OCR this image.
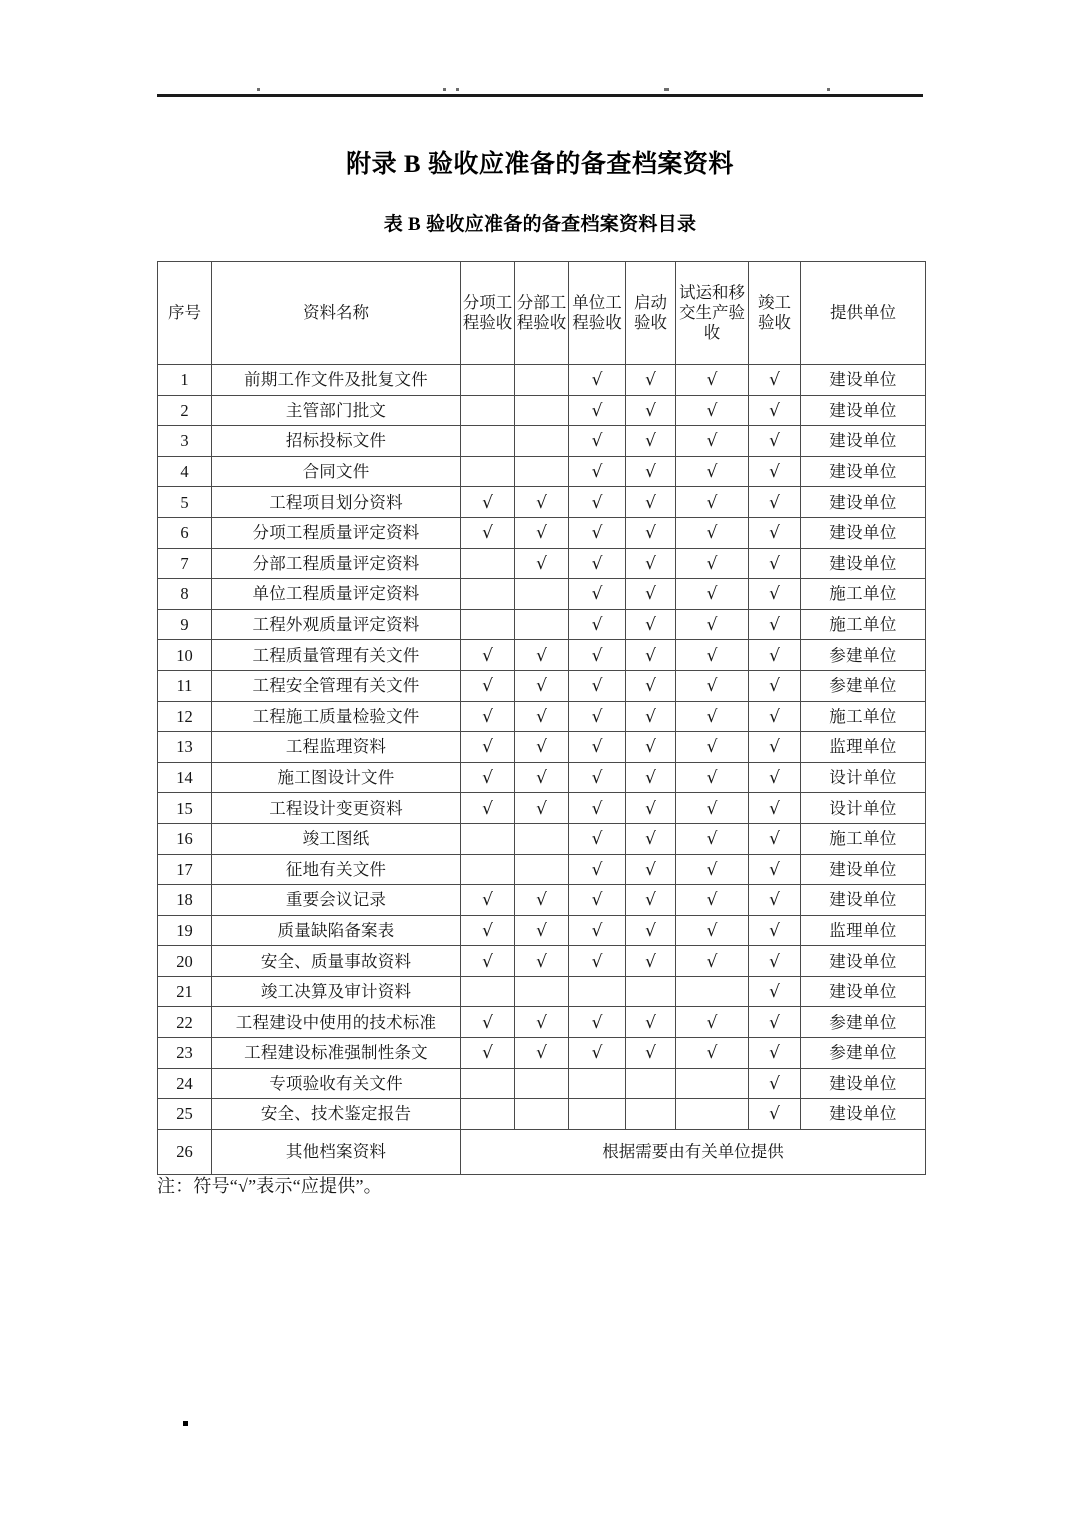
附录 B 验收应准备的备查档案资料
表 B 验收应准备的备查档案资料目录
序号	资料名称	分项工程验收	分部工程验收	单位工程验收	启动验收	试运和移交生产验收	竣工验收	提供单位

1	前期工作文件及批复文件			√	√	√	√	建设单位
2	主管部门批文			√	√	√	√	建设单位
3	招标投标文件			√	√	√	√	建设单位
4	合同文件			√	√	√	√	建设单位
5	工程项目划分资料	√	√	√	√	√	√	建设单位
6	分项工程质量评定资料	√	√	√	√	√	√	建设单位
7	分部工程质量评定资料		√	√	√	√	√	建设单位
8	单位工程质量评定资料			√	√	√	√	施工单位
9	工程外观质量评定资料			√	√	√	√	施工单位
10	工程质量管理有关文件	√	√	√	√	√	√	参建单位
11	工程安全管理有关文件	√	√	√	√	√	√	参建单位
12	工程施工质量检验文件	√	√	√	√	√	√	施工单位
13	工程监理资料	√	√	√	√	√	√	监理单位
14	施工图设计文件	√	√	√	√	√	√	设计单位
15	工程设计变更资料	√	√	√	√	√	√	设计单位
16	竣工图纸			√	√	√	√	施工单位
17	征地有关文件			√	√	√	√	建设单位
18	重要会议记录	√	√	√	√	√	√	建设单位
19	质量缺陷备案表	√	√	√	√	√	√	监理单位
20	安全、质量事故资料	√	√	√	√	√	√	建设单位
21	竣工决算及审计资料						√	建设单位
22	工程建设中使用的技术标准	√	√	√	√	√	√	参建单位
23	工程建设标准强制性条文	√	√	√	√	√	√	参建单位
24	专项验收有关文件						√	建设单位
25	安全、技术鉴定报告						√	建设单位
26	其他档案资料	根据需要由有关单位提供						
注：符号“√”表示“应提供”。
